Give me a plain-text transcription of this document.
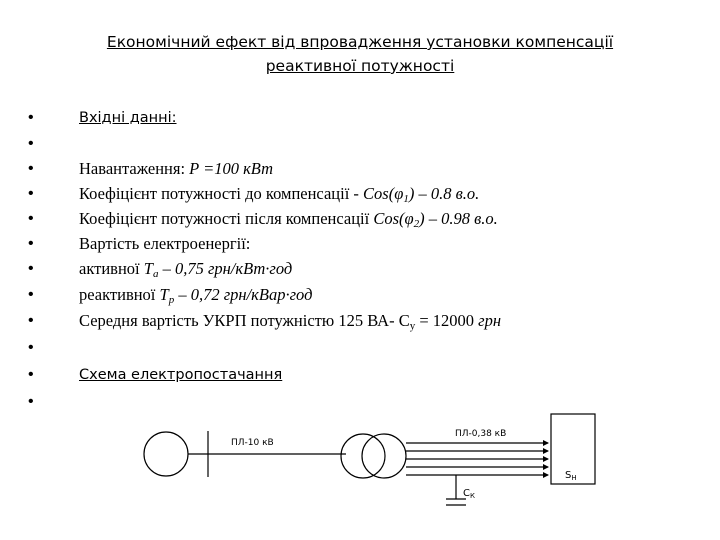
Економічний ефект від впровадження установки компенсації
реактивної потужності
•	Вхідні данні:
•
•	Навантаження: P =100 кВт
•	Коефіцієнт потужності до компенсації - $Cos(\varphi_1) - 0.8$ в.о.
•	Коефіцієнт потужності після компенсації $Cos(\varphi_2) - 0.98$ в.о.
•	Вартість електроенергії:
•	активної $Т_а - 0,75$ грн/кВт·год
•	реактивної $Т_р - 0,72$ грн/кВар·год
•	Середня вартість УКРП потужністю 125 ВА- $С_у = 12000$ грн
•
•	Схема електропостачання
•
ПЛ-10 кВ
ПЛ-0,38 кВ
$S_Н$
$С_К$
